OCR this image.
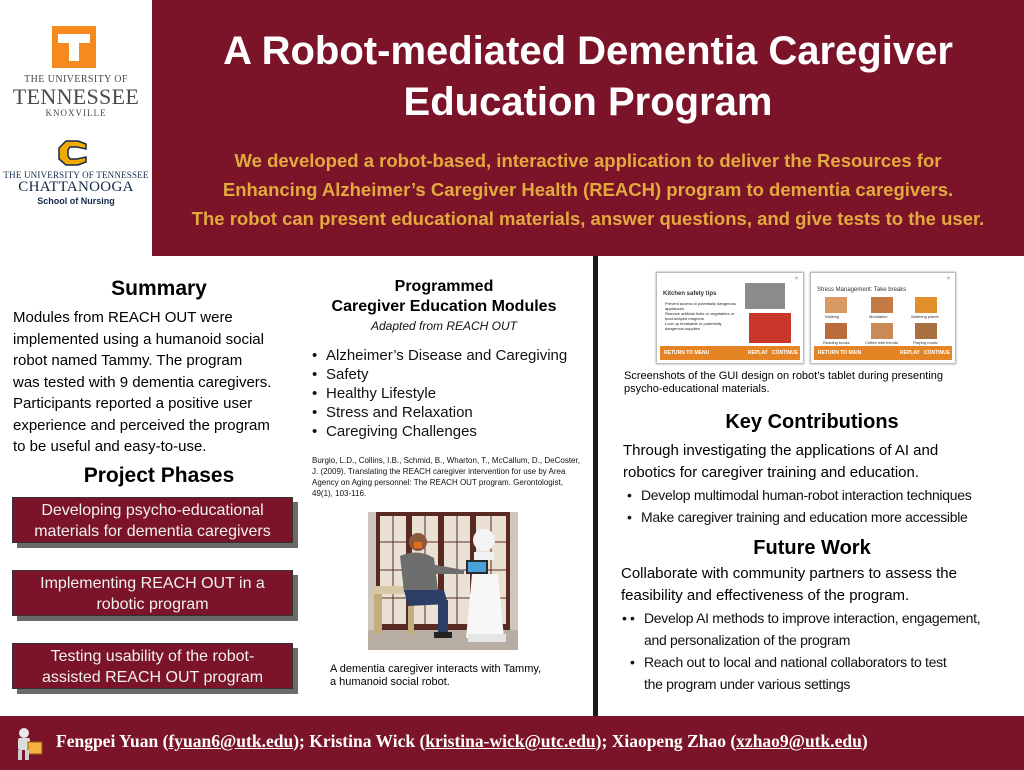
THE UNIVERSITY OF
TENNESSEE
KNOXVILLE
THE UNIVERSITY OF TENNESSEE
CHATTANOOGA
School of Nursing
A Robot-mediated Dementia Caregiver
Education Program
We developed a robot-based, interactive application to deliver the Resources for
Enhancing Alzheimer’s Caregiver Health (REACH) program to dementia caregivers.
The robot can present educational materials, answer questions, and give tests to the user.
Summary
Modules from REACH OUT were
implemented using a humanoid social
robot named Tammy. The program
was tested with 9 dementia caregivers.
Participants reported a positive user
experience and perceived the program
to be useful and easy-to-use.
Project Phases
Developing psycho-educational
materials for dementia caregivers
Implementing REACH OUT in a
robotic program
Testing usability of the robot-
assisted REACH OUT program
Programmed
Caregiver Education Modules
Adapted from REACH OUT
• Alzheimer’s Disease and Caregiving
• Safety
• Healthy Lifestyle
• Stress and Relaxation
• Caregiving Challenges
Burgio, L.D., Collins, I.B., Schmid, B., Wharton, T., McCallum, D., DeCoster,
J. (2009). Translating the REACH caregiver intervention for use by Area
Agency on Aging personnel: The REACH OUT program. Gerontologist,
49(1), 103-116.
A dementia caregiver interacts with Tammy,
a humanoid social robot.
✕
Kitchen safety tips
Prevent access to potentially dangerous appliances
Remove artificial fruits or vegetables or food-shaped magnets
Lock up breakable or potentially dangerous supplies
RETURN TO MENU	REPLAY CONTINUE
✕
Stress Management: Take breaks
Walking	Meditation	Watering plants
Reading books	Coffee with friends	Playing music
RETURN TO MAIN	REPLAY CONTINUE
Screenshots of the GUI design on robot’s tablet during presenting
psycho-educational materials.
Key Contributions
Through investigating the applications of AI and
robotics for caregiver training and education.
• Develop multimodal human-robot interaction techniques
• Make caregiver training and education more accessible
Future Work
Collaborate with community partners to assess the
feasibility and effectiveness of the program.
• • Develop AI methods to improve interaction, engagement,
and personalization of the program
• Reach out to local and national collaborators to test
the program under various settings
Fengpei Yuan (fyuan6@utk.edu); Kristina Wick (kristina-wick@utc.edu); Xiaopeng Zhao (xzhao9@utk.edu)
